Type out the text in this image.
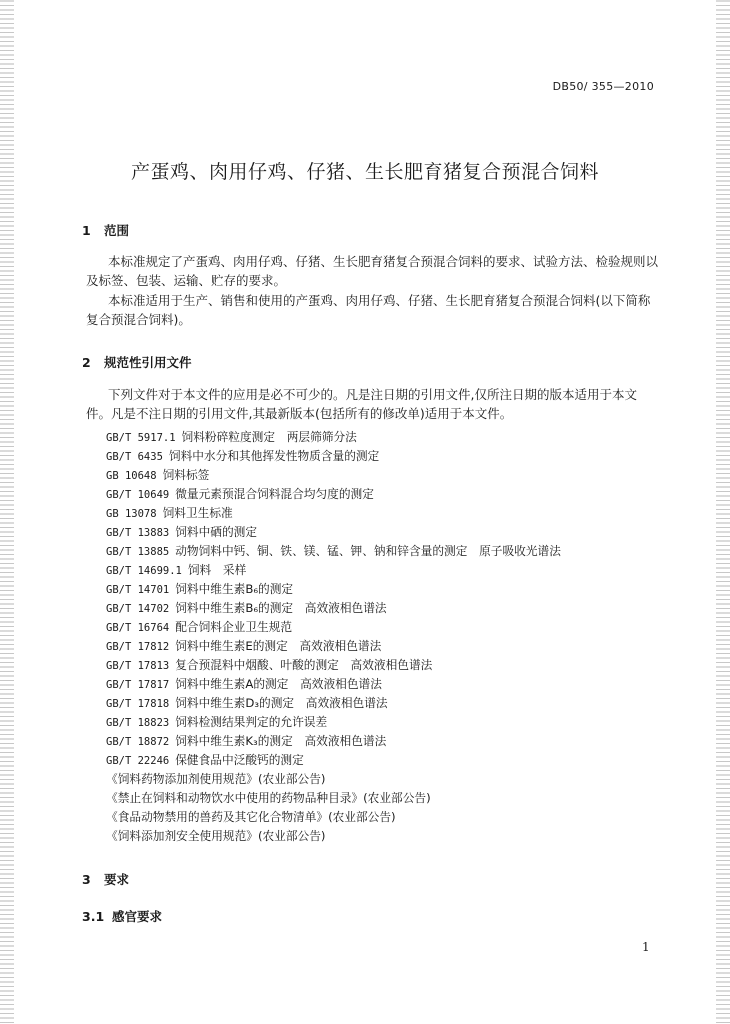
DB50/ 355—2010
产蛋鸡、肉用仔鸡、仔猪、生长肥育猪复合预混合饲料
1 范围

本标准规定了产蛋鸡、肉用仔鸡、仔猪、生长肥育猪复合预混合饲料的要求、试验方法、检验规则以及标签、包装、运输、贮存的要求。

本标准适用于生产、销售和使用的产蛋鸡、肉用仔鸡、仔猪、生长肥育猪复合预混合饲料(以下简称复合预混合饲料)。

2 规范性引用文件

下列文件对于本文件的应用是必不可少的。凡是注日期的引用文件,仅所注日期的版本适用于本文件。凡是不注日期的引用文件,其最新版本(包括所有的修改单)适用于本文件。

GB/T 5917.1 饲料粉碎粒度测定　两层筛筛分法
GB/T 6435 饲料中水分和其他挥发性物质含量的测定
GB 10648 饲料标签
GB/T 10649 微量元素预混合饲料混合均匀度的测定
GB 13078 饲料卫生标准
GB/T 13883 饲料中硒的测定
GB/T 13885 动物饲料中钙、铜、铁、镁、锰、钾、钠和锌含量的测定　原子吸收光谱法
GB/T 14699.1 饲料　采样
GB/T 14701 饲料中维生素B₆的测定
GB/T 14702 饲料中维生素B₆的测定　高效液相色谱法
GB/T 16764 配合饲料企业卫生规范
GB/T 17812 饲料中维生素E的测定　高效液相色谱法
GB/T 17813 复合预混料中烟酸、叶酸的测定　高效液相色谱法
GB/T 17817 饲料中维生素A的测定　高效液相色谱法
GB/T 17818 饲料中维生素D₃的测定　高效液相色谱法
GB/T 18823 饲料检测结果判定的允许误差
GB/T 18872 饲料中维生素K₃的测定　高效液相色谱法
GB/T 22246 保健食品中泛酸钙的测定
《饲料药物添加剂使用规范》(农业部公告)
《禁止在饲料和动物饮水中使用的药物品种目录》(农业部公告)
《食品动物禁用的兽药及其它化合物清单》(农业部公告)
《饲料添加剂安全使用规范》(农业部公告)
3 要求
3.1 感官要求
1
